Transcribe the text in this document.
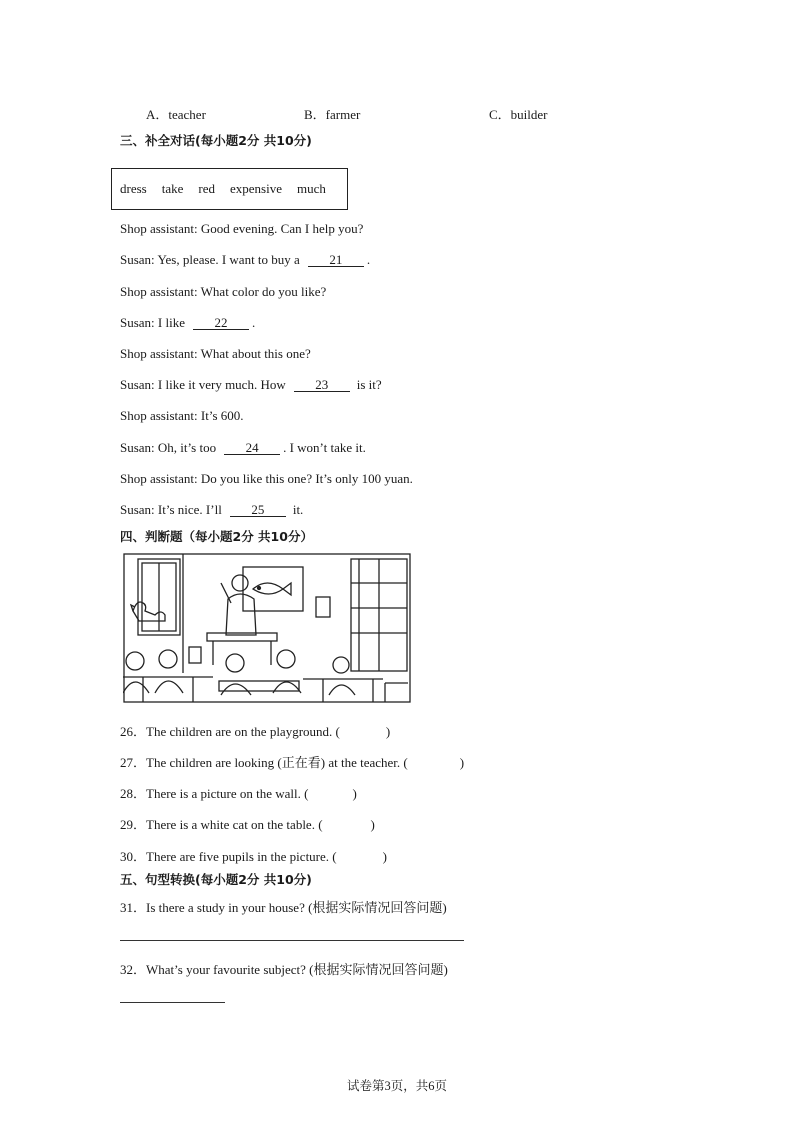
A．teacher	B．farmer	C．builder
三、补全对话(每小题2分 共10分)
dress take red expensive much
Shop assistant: Good evening. Can I help you?
Susan: Yes, please. I want to buy a 21 .
Shop assistant: What color do you like?
Susan: I like 22 .
Shop assistant: What about this one?
Susan: I like it very much. How 23 is it?
Shop assistant: It’s 600.
Susan: Oh, it’s too 24 . I won’t take it.
Shop assistant: Do you like this one? It’s only 100 yuan.
Susan: It’s nice. I’ll 25 it.
四、判断题（每小题2分 共10分）
26．The children are on the playground. (	)
27．The children are looking (正在看) at the teacher. (	)
28．There is a picture on the wall. (	)
29．There is a white cat on the table. (	)
30．There are five pupils in the picture. (	)
五、句型转换(每小题2分 共10分)
31．Is there a study in your house? (根据实际情况回答问题)
32．What’s your favourite subject? (根据实际情况回答问题)
试卷第3页，共6页
